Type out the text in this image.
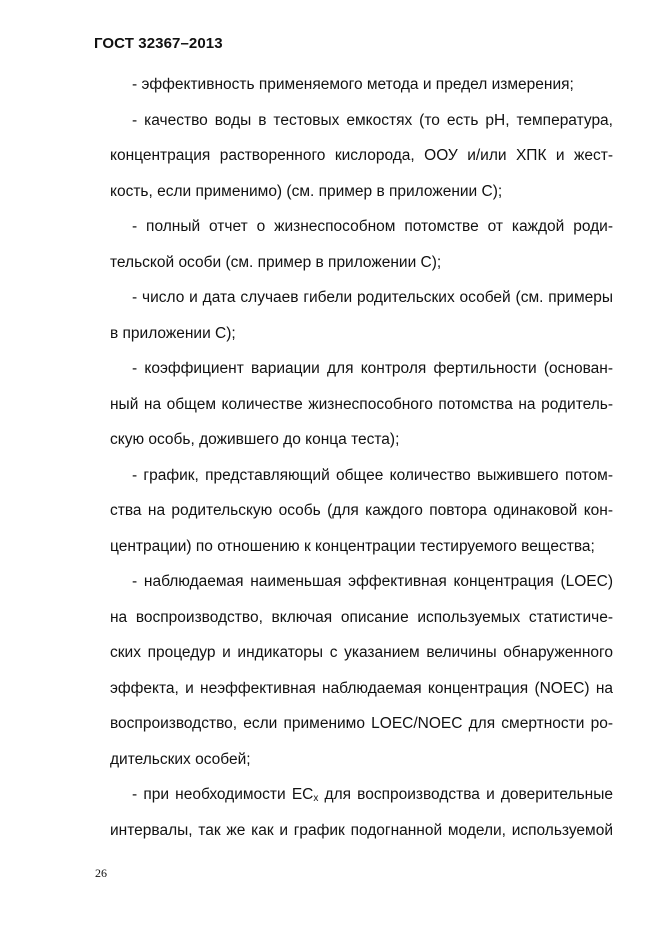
ГОСТ 32367–2013
- эффективность применяемого метода и предел измерения;
- качество воды в тестовых емкостях (то есть pH, температура,
концентрация растворенного кислорода, ООУ и/или ХПК и жест-
кость, если применимо) (см. пример в приложении С);
- полный отчет о жизнеспособном потомстве от каждой роди-
тельской особи (см. пример в приложении С);
- число и дата случаев гибели родительских особей (см. примеры
в приложении С);
- коэффициент вариации для контроля фертильности (основан-
ный на общем количестве жизнеспособного потомства на родитель-
скую особь, дожившего до конца теста);
- график, представляющий общее количество выжившего потом-
ства на родительскую особь (для каждого повтора одинаковой кон-
центрации) по отношению к концентрации тестируемого вещества;
- наблюдаемая наименьшая эффективная концентрация (LOEC)
на воспроизводство, включая описание используемых статистиче-
ских процедур и индикаторы с указанием величины обнаруженного
эффекта, и неэффективная наблюдаемая концентрация (NOEC) на
воспроизводство, если применимо LOEC/NOEC для смертности ро-
дительских особей;
- при необходимости $EC_x$ для воспроизводства и доверительные
интервалы, так же как и график подогнанной модели, используемой
26
